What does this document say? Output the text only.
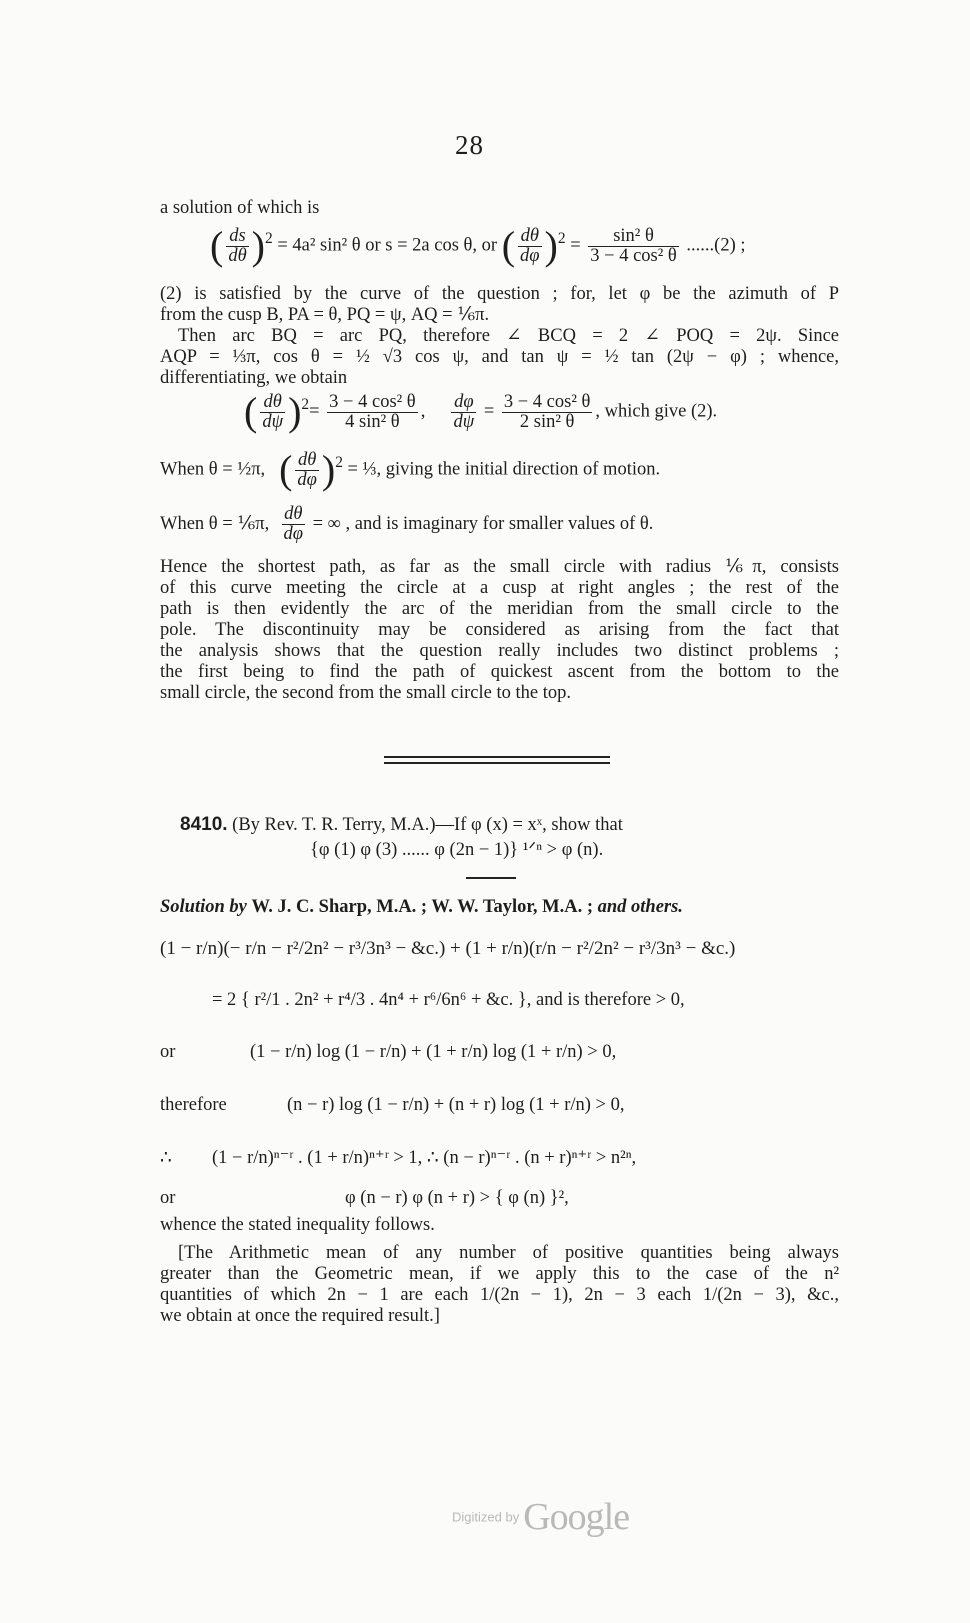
28
a solution of which is
( $\frac{ds}{d\theta} )^2 = 4a^2$ sin² θ or s = 2a cos θ, or ( $\frac{d\theta}{d\varphi} )^2 = \frac{\text{sin² θ}}{\text{3 − 4 cos² θ}} ......(2)$ ;
(2) is satisfied by the curve of the question ; for, let φ be the azimuth of P
from the cusp B, PA = θ, PQ = ψ, AQ = ⅙π.
Then arc BQ = arc PQ, therefore ∠ BCQ = 2 ∠ POQ = 2ψ. Since
AQP = ⅓π, cos θ = ½ √3 cos ψ, and tan ψ = ½ tan (2ψ − φ) ; whence,
differentiating, we obtain
( $\frac{d\theta}{d\psi} )^2= \frac{\text{3 − 4 cos² θ}}{\text{4 sin² θ}}$ , $\frac{d\varphi}{d\psi} = \frac{\text{3 − 4 cos² θ}}{\text{2 sin² θ}}$ , which give (2).
When θ = ½π, ( $\frac{d\theta}{d\varphi} )^2$ = ⅓, giving the initial direction of motion.
When θ = ⅙π, $\frac{d\theta}{d\varphi}$ = ∞ , and is imaginary for smaller values of θ.
Hence the shortest path, as far as the small circle with radius ⅙π, consists
of this curve meeting the circle at a cusp at right angles ; the rest of the
path is then evidently the arc of the meridian from the small circle to the
pole. The discontinuity may be considered as arising from the fact that
the analysis shows that the question really includes two distinct problems ;
the first being to find the path of quickest ascent from the bottom to the
small circle, the second from the small circle to the top.
8410. (By Rev. T. R. Terry, M.A.)—If φ (x) = xˣ, show that
{φ (1) φ (3) ...... φ (2n − 1)} ¹ᐟⁿ > φ (n).
Solution by W. J. C. Sharp, M.A. ; W. W. Taylor, M.A. ; and others.
(1 − r/n)(− r/n − r²/2n² − r³/3n³ − &c.) + (1 + r/n)(r/n − r²/2n² − r³/3n³ − &c.)
= 2 { r²/1 . 2n² + r⁴/3 . 4n⁴ + r⁶/6n⁶ + &c. }, and is therefore > 0,
or	(1 − r/n) log (1 − r/n) + (1 + r/n) log (1 + r/n) > 0,
therefore	(n − r) log (1 − r/n) + (n + r) log (1 + r/n) > 0,
∴ (1 − r/n)ⁿ⁻ʳ . (1 + r/n)ⁿ⁺ʳ > 1, ∴ (n − r)ⁿ⁻ʳ . (n + r)ⁿ⁺ʳ > n²ⁿ,
or	φ (n − r) φ (n + r) > { φ (n) }²,
whence the stated inequality follows.
[The Arithmetic mean of any number of positive quantities being always
greater than the Geometric mean, if we apply this to the case of the n²
quantities of which 2n − 1 are each 1/(2n − 1), 2n − 3 each 1/(2n − 3), &c.,
we obtain at once the required result.]
Digitized by Google
